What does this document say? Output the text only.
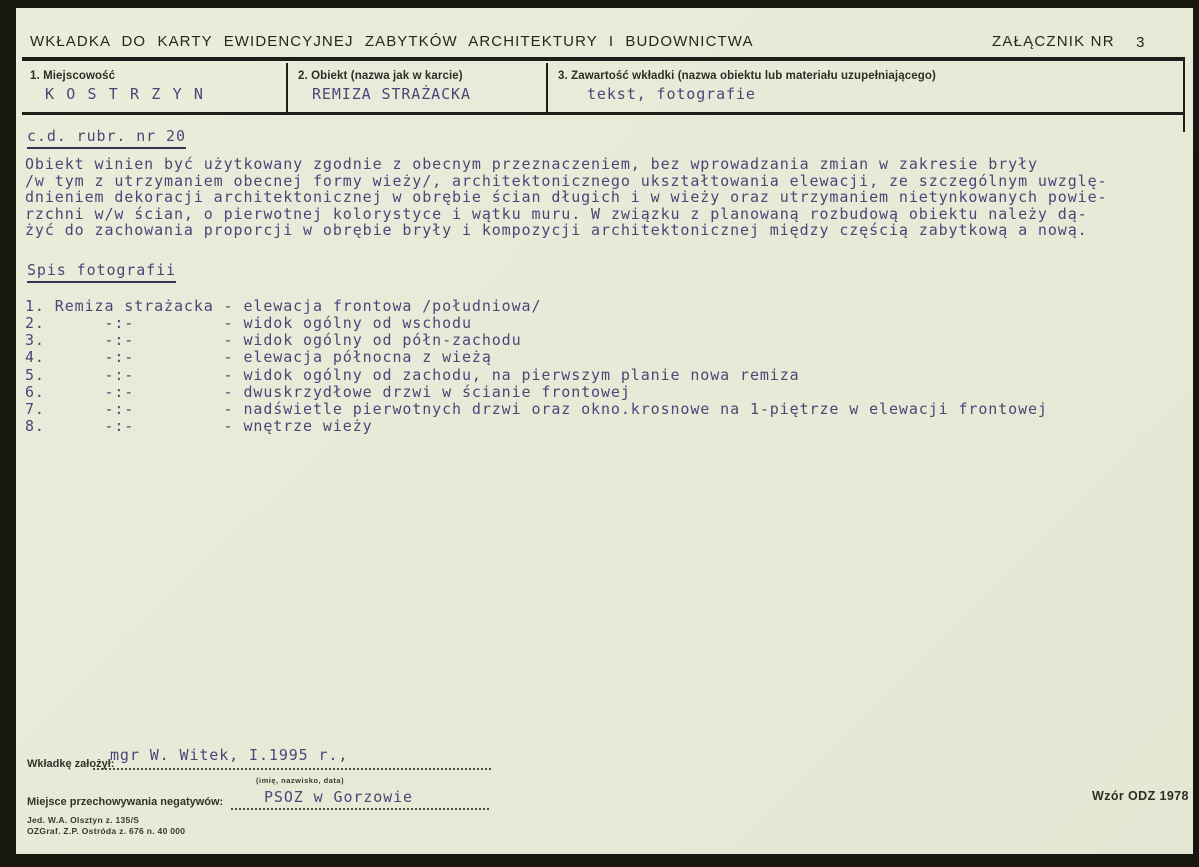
WKŁADKA DO KARTY EWIDENCYJNEJ ZABYTKÓW ARCHITEKTURY I BUDOWNICTWA	ZAŁĄCZNIK NR 3
1. Miejscowość
K O S T R Z Y N
2. Obiekt (nazwa jak w karcie)
REMIZA STRAŻACKA
3. Zawartość wkładki (nazwa obiektu lub materiału uzupełniającego)
tekst, fotografie
c.d. rubr. nr 20
Obiekt winien być użytkowany zgodnie z obecnym przeznaczeniem, bez wprowadzania zmian w zakresie bryły
/w tym z utrzymaniem obecnej formy wieży/, architektonicznego ukształtowania elewacji, ze szczególnym uwzglę-
dnieniem dekoracji architektonicznej w obrębie ścian długich i w wieży oraz utrzymaniem nietynkowanych powie-
rzchni w/w ścian, o pierwotnej kolorystyce i wątku muru. W związku z planowaną rozbudową obiektu należy dą-
żyć do zachowania proporcji w obrębie bryły i kompozycji architektonicznej między częścią zabytkową a nową.
Spis fotografii
1. Remiza strażacka - elewacja frontowa /południowa/
2.      -:-         - widok ogólny od wschodu
3.      -:-         - widok ogólny od półn-zachodu
4.      -:-         - elewacja północna z wieżą
5.      -:-         - widok ogólny od zachodu, na pierwszym planie nowa remiza
6.      -:-         - dwuskrzydłowe drzwi w ścianie frontowej
7.      -:-         - nadświetle pierwotnych drzwi oraz okno.krosnowe na 1-piętrze w elewacji frontowej
8.      -:-         - wnętrze wieży
mgr W. Witek, I.1995 r.,
Wkładkę założył:
(imię, nazwisko, data)
PSOZ w Gorzowie
Miejsce przechowywania negatywów:
Jed. W.A. Olsztyn z. 135/S
OZGraf. Z.P. Ostróda z. 676 n. 40 000
Wzór ODZ 1978
